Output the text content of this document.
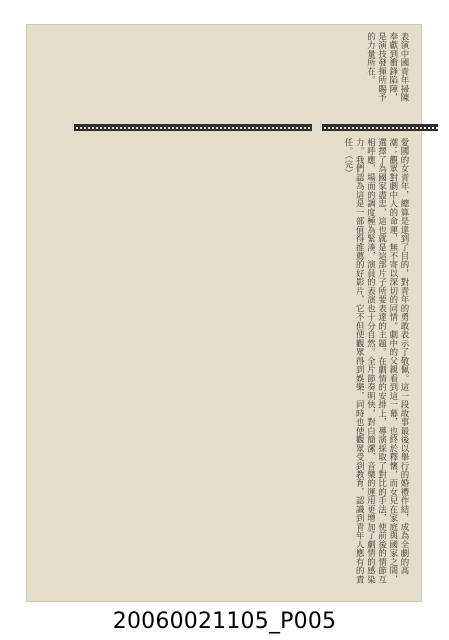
表演中國青年掃陳奉獻到衝鋒陷陣，是演技發揮所賜予的力量所在。
愛國的女青年，總算是達到了目的，對青年的勇敢表示了敬佩。這一段故事最後以舉行的婚禮作結，成為全劇的高潮；觀眾對劇中人的命運，無不寄以深切的同情。劇中的父親看到這一幕，也終於釋懷，而女兒在家庭與國家之間，選擇了為國家盡忠，這也就是這部片子所要表達的主題。在劇情的安排上，導演採取了對比的手法，使前後的情節互相呼應，場面的調度極為緊湊，演員的表演也十分自然。全片節奏明快，對白簡潔，音樂的運用更增加了劇情的感染力。我們認為這是一部值得推薦的好影片，它不但使觀眾得到娛樂，同時也使觀眾受到教育，認識到青年人應有的責任。（完）
20060021105_P005
